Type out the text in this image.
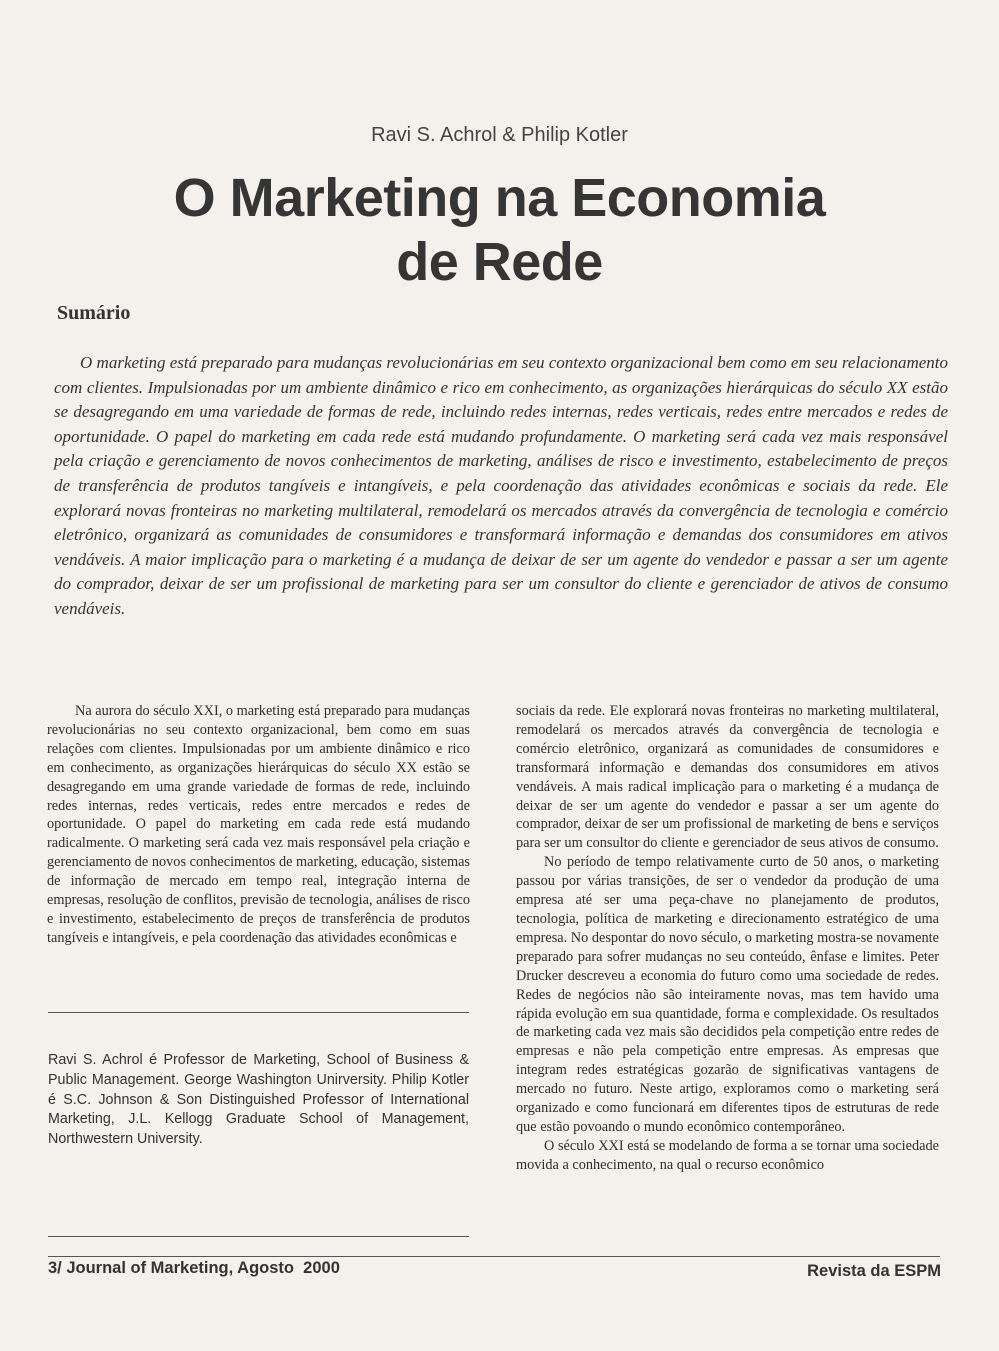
Ravi S. Achrol & Philip Kotler
O Marketing na Economia
de Rede
Sumário

O marketing está preparado para mudanças revolucionárias em seu contexto organizacional bem como em seu relacionamento com clientes. Impulsionadas por um ambiente dinâmico e rico em conhecimento, as organizações hierárquicas do século XX estão se desagregando em uma variedade de formas de rede, incluindo redes internas, redes verticais, redes entre mercados e redes de oportunidade. O papel do marketing em cada rede está mudando profundamente. O marketing será cada vez mais responsável pela criação e gerenciamento de novos conhecimentos de marketing, análises de risco e investimento, estabelecimento de preços de transferência de produtos tangíveis e intangíveis, e pela coordenação das atividades econômicas e sociais da rede. Ele explorará novas fronteiras no marketing multilateral, remodelará os mercados através da convergência de tecnologia e comércio eletrônico, organizará as comunidades de consumidores e transformará informação e demandas dos consumidores em ativos vendáveis. A maior implicação para o marketing é a mudança de deixar de ser um agente do vendedor e passar a ser um agente do comprador, deixar de ser um profissional de marketing para ser um consultor do cliente e gerenciador de ativos de consumo vendáveis.

Na aurora do século XXI, o marketing está preparado para mudanças revolucionárias no seu contexto organizacional, bem como em suas relações com clientes. Impulsionadas por um ambiente dinâmico e rico em conhecimento, as organizações hierárquicas do século XX estão se desagregando em uma grande variedade de formas de rede, incluindo redes internas, redes verticais, redes entre mercados e redes de oportunidade. O papel do marketing em cada rede está mudando radicalmente. O marketing será cada vez mais responsável pela criação e gerenciamento de novos conhecimentos de marketing, educação, sistemas de informação de mercado em tempo real, integração interna de empresas, resolução de conflitos, previsão de tecnologia, análises de risco e investimento, estabelecimento de preços de transferência de produtos tangíveis e intangíveis, e pela coordenação das atividades econômicas e

Ravi S. Achrol é Professor de Marketing, School of Business & Public Management. George Washington Unirversity. Philip Kotler é S.C. Johnson & Son Distinguished Professor of International Marketing, J.L. Kellogg Graduate School of Management, Northwestern University.

sociais da rede. Ele explorará novas fronteiras no marketing multilateral, remodelará os mercados através da convergência de tecnologia e comércio eletrônico, organizará as comunidades de consumidores e transformará informação e demandas dos consumidores em ativos vendáveis. A mais radical implicação para o marketing é a mudança de deixar de ser um agente do vendedor e passar a ser um agente do comprador, deixar de ser um profissional de marketing de bens e serviços para ser um consultor do cliente e gerenciador de seus ativos de consumo.

No período de tempo relativamente curto de 50 anos, o marketing passou por várias transições, de ser o vendedor da produção de uma empresa até ser uma peça-chave no planejamento de produtos, tecnologia, política de marketing e direcionamento estratégico de uma empresa. No despontar do novo século, o marketing mostra-se novamente preparado para sofrer mudanças no seu conteúdo, ênfase e limites. Peter Drucker descreveu a economia do futuro como uma sociedade de redes. Redes de negócios não são inteiramente novas, mas tem havido uma rápida evolução em sua quantidade, forma e complexidade. Os resultados de marketing cada vez mais são decididos pela competição entre redes de empresas e não pela competição entre empresas. As empresas que integram redes estratégicas gozarão de significativas vantagens de mercado no futuro. Neste artigo, exploramos como o marketing será organizado e como funcionará em diferentes tipos de estruturas de rede que estão povoando o mundo econômico contemporâneo.

O século XXI está se modelando de forma a se tornar uma sociedade movida a conhecimento, na qual o recurso econômico

3/ Journal of Marketing, Agosto  2000	Revista da ESPM
